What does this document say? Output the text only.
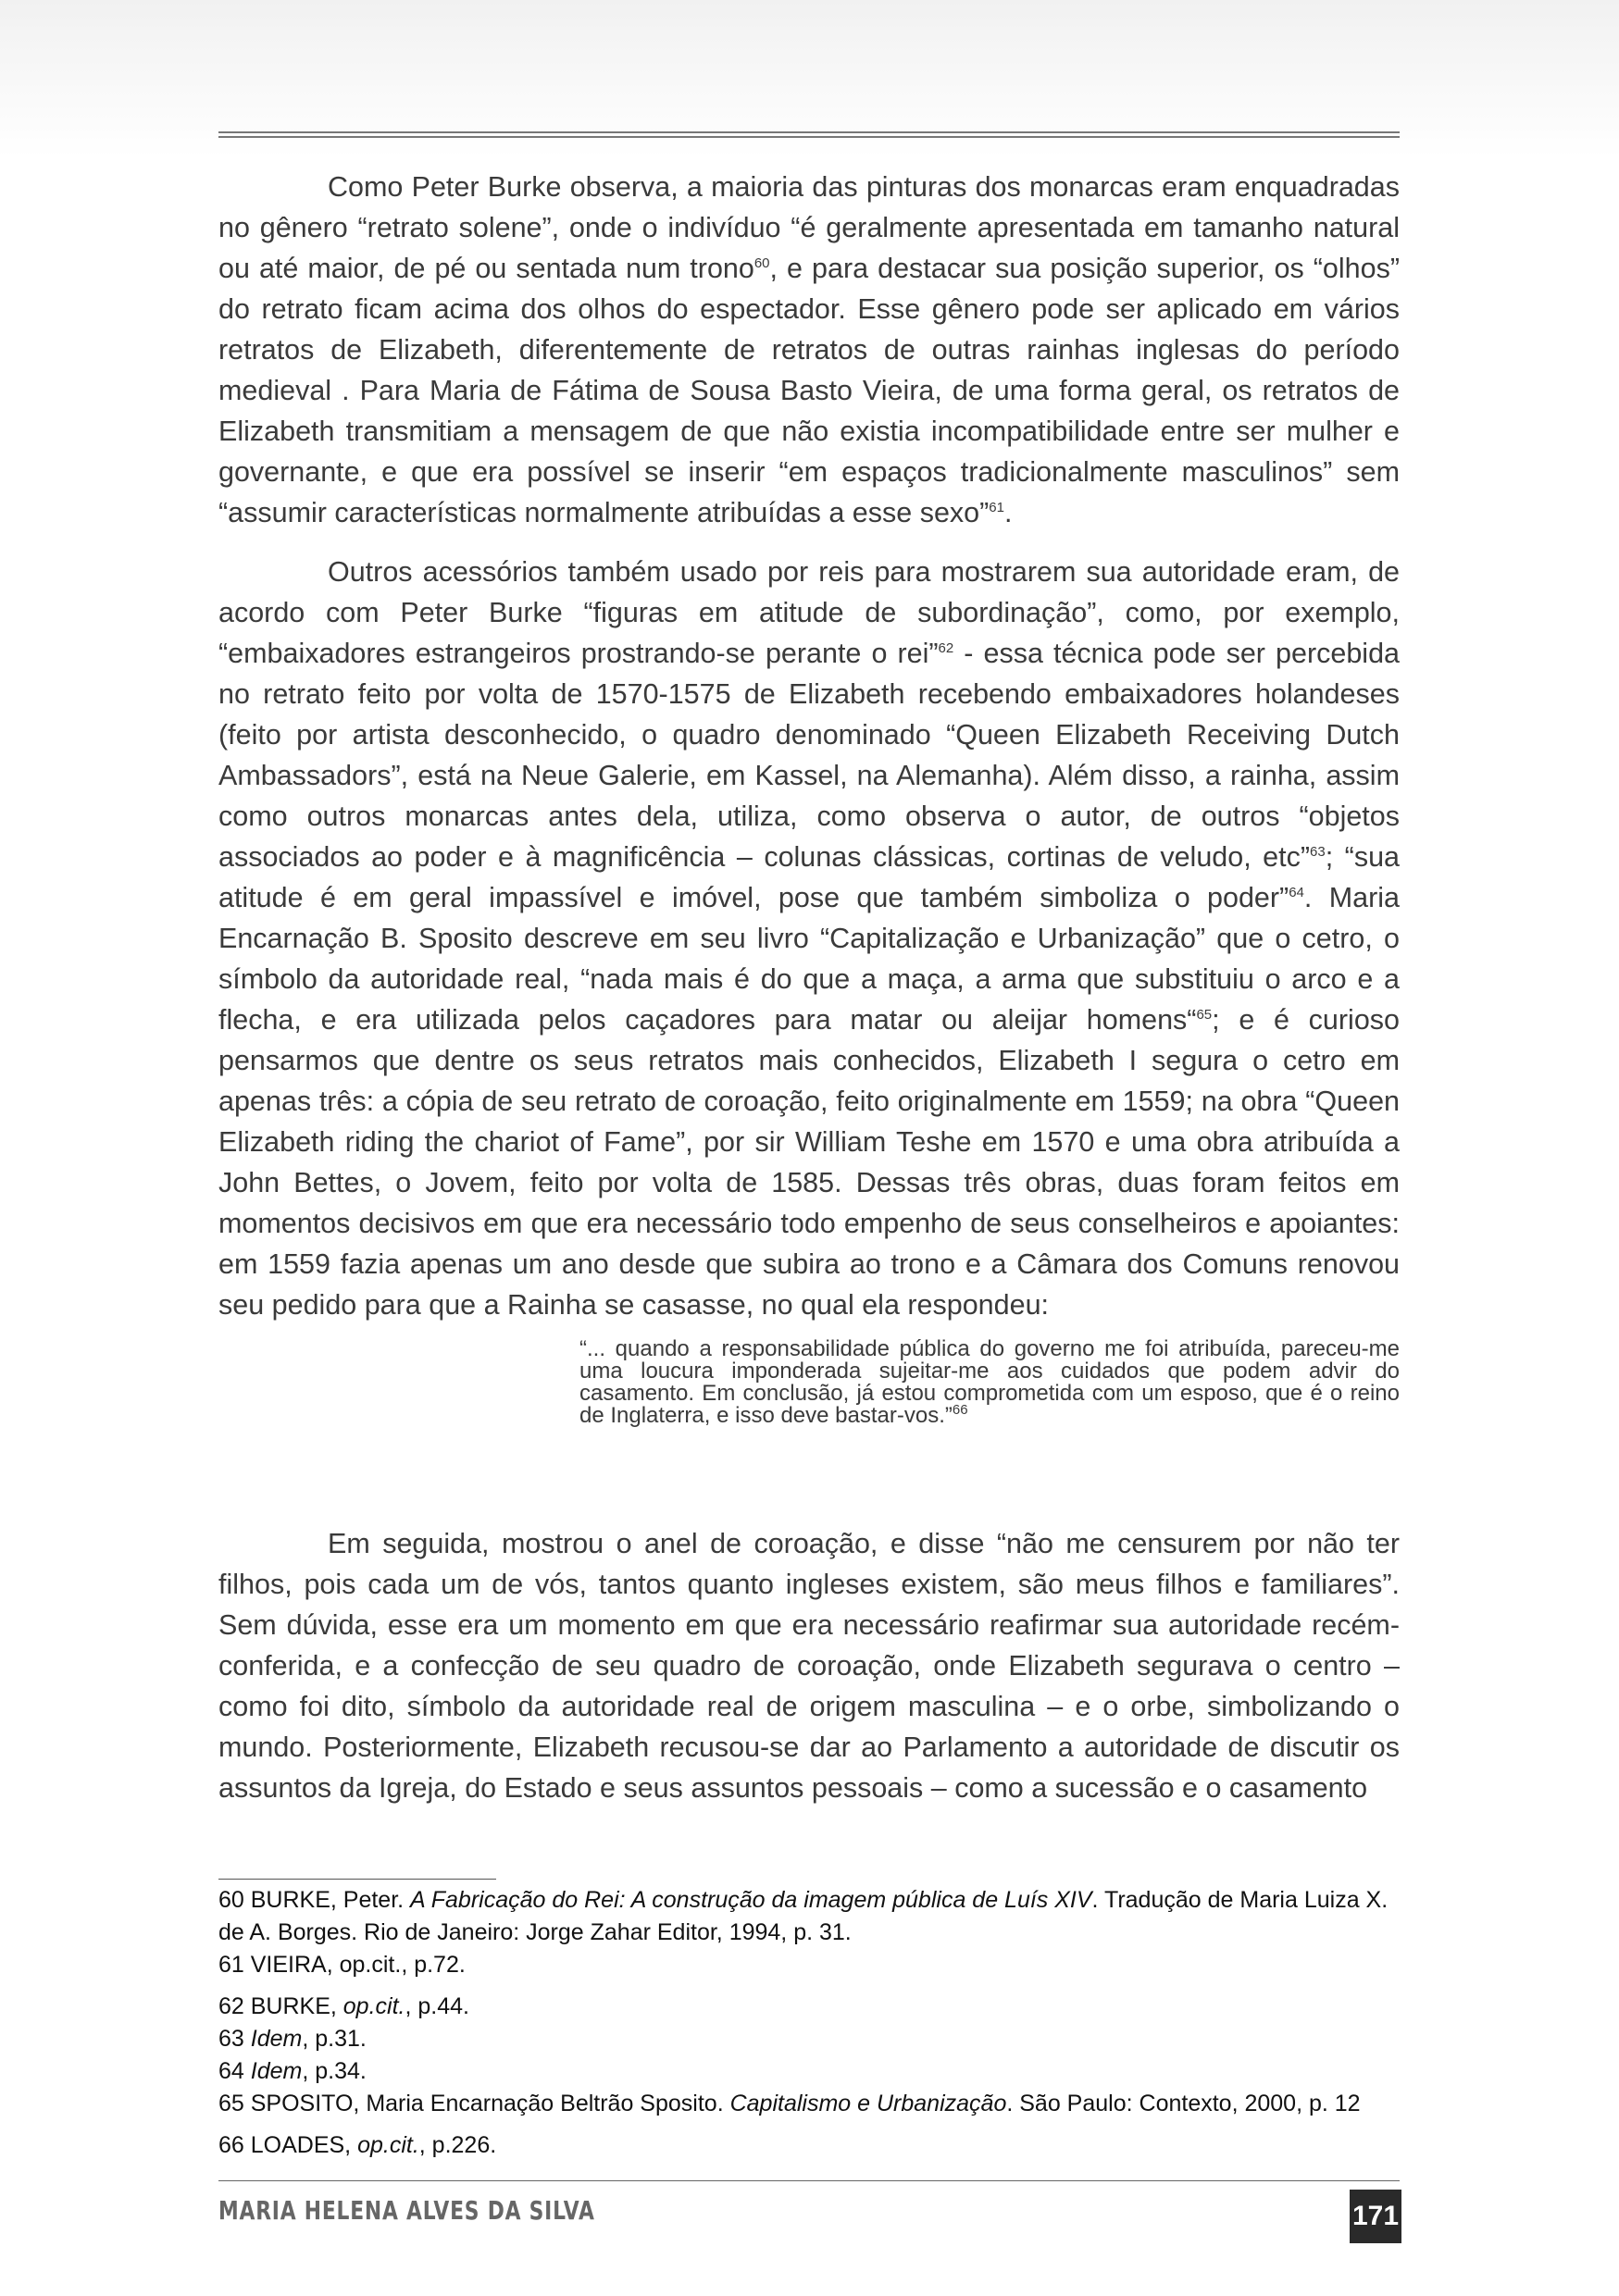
Como Peter Burke observa, a maioria das pinturas dos monarcas eram enquadradas no gênero “retrato solene”, onde o indivíduo “é geralmente apresentada em tamanho natural ou até maior, de pé ou sentada num trono$^{60}$, e para destacar sua posição superior, os “olhos” do retrato ficam acima dos olhos do espectador. Esse gênero pode ser aplicado em vários retratos de Elizabeth, diferentemente de retratos de outras rainhas inglesas do período medieval . Para Maria de Fátima de Sousa Basto Vieira, de uma forma geral, os retratos de Elizabeth transmitiam a mensagem de que não existia incompatibilidade entre ser mulher e governante, e que era possível se inserir “em espaços tradicionalmente masculinos” sem “assumir características normalmente atribuídas a esse sexo”$^{61}$.

Outros acessórios também usado por reis para mostrarem sua autoridade eram, de acordo com Peter Burke “figuras em atitude de subordinação”, como, por exemplo, “embaixadores estrangeiros prostrando-se perante o rei”$^{62}$ - essa técnica pode ser percebida no retrato feito por volta de 1570-1575 de Elizabeth recebendo embaixadores holandeses (feito por artista desconhecido, o quadro denominado “Queen Elizabeth Receiving Dutch Ambassadors”, está na Neue Galerie, em Kassel, na Alemanha). Além disso, a rainha, assim como outros monarcas antes dela, utiliza, como observa o autor, de outros “objetos associados ao poder e à magnificência – colunas clássicas, cortinas de veludo, etc”$^{63}$; “sua atitude é em geral impassível e imóvel, pose que também simboliza o poder”$^{64}$. Maria Encarnação B. Sposito descreve em seu livro “Capitalização e Urbanização” que o cetro, o símbolo da autoridade real, “nada mais é do que a maça, a arma que substituiu o arco e a flecha, e era utilizada pelos caçadores para matar ou aleijar homens“$^{65}$; e é curioso pensarmos que dentre os seus retratos mais conhecidos, Elizabeth I segura o cetro em apenas três: a cópia de seu retrato de coroação, feito originalmente em 1559; na obra “Queen Elizabeth riding the chariot of Fame”, por sir William Teshe em 1570 e uma obra atribuída a John Bettes, o Jovem, feito por volta de 1585. Dessas três obras, duas foram feitos em momentos decisivos em que era necessário todo empenho de seus conselheiros e apoiantes: em 1559 fazia apenas um ano desde que subira ao trono e a Câmara dos Comuns renovou seu pedido para que a Rainha se casasse, no qual ela respondeu:

“... quando a responsabilidade pública do governo me foi atribuída, pareceu-me uma loucura imponderada sujeitar-me aos cuidados que podem advir do casamento. Em conclusão, já estou comprometida com um esposo, que é o reino de Inglaterra, e isso deve bastar-vos.”$^{66}$

Em seguida, mostrou o anel de coroação, e disse “não me censurem por não ter filhos, pois cada um de vós, tantos quanto ingleses existem, são meus filhos e familiares”. Sem dúvida, esse era um momento em que era necessário reafirmar sua autoridade recém-conferida, e a confecção de seu quadro de coroação, onde Elizabeth segurava o centro – como foi dito, símbolo da autoridade real de origem masculina – e o orbe, simbolizando o mundo. Posteriormente, Elizabeth recusou-se dar ao Parlamento a autoridade de discutir os assuntos da Igreja, do Estado e seus assuntos pessoais – como a sucessão e o casamento

60 BURKE, Peter. A Fabricação do Rei: A construção da imagem pública de Luís XIV. Tradução de Maria Luiza X. de A. Borges. Rio de Janeiro: Jorge Zahar Editor, 1994, p. 31.
61 VIEIRA, op.cit., p.72.
62 BURKE, op.cit., p.44.
63 Idem, p.31.
64 Idem, p.34.
65 SPOSITO, Maria Encarnação Beltrão Sposito. Capitalismo e Urbanização. São Paulo: Contexto, 2000, p. 12
66 LOADES, op.cit., p.226.
MARIA HELENA ALVES DA SILVA	171
